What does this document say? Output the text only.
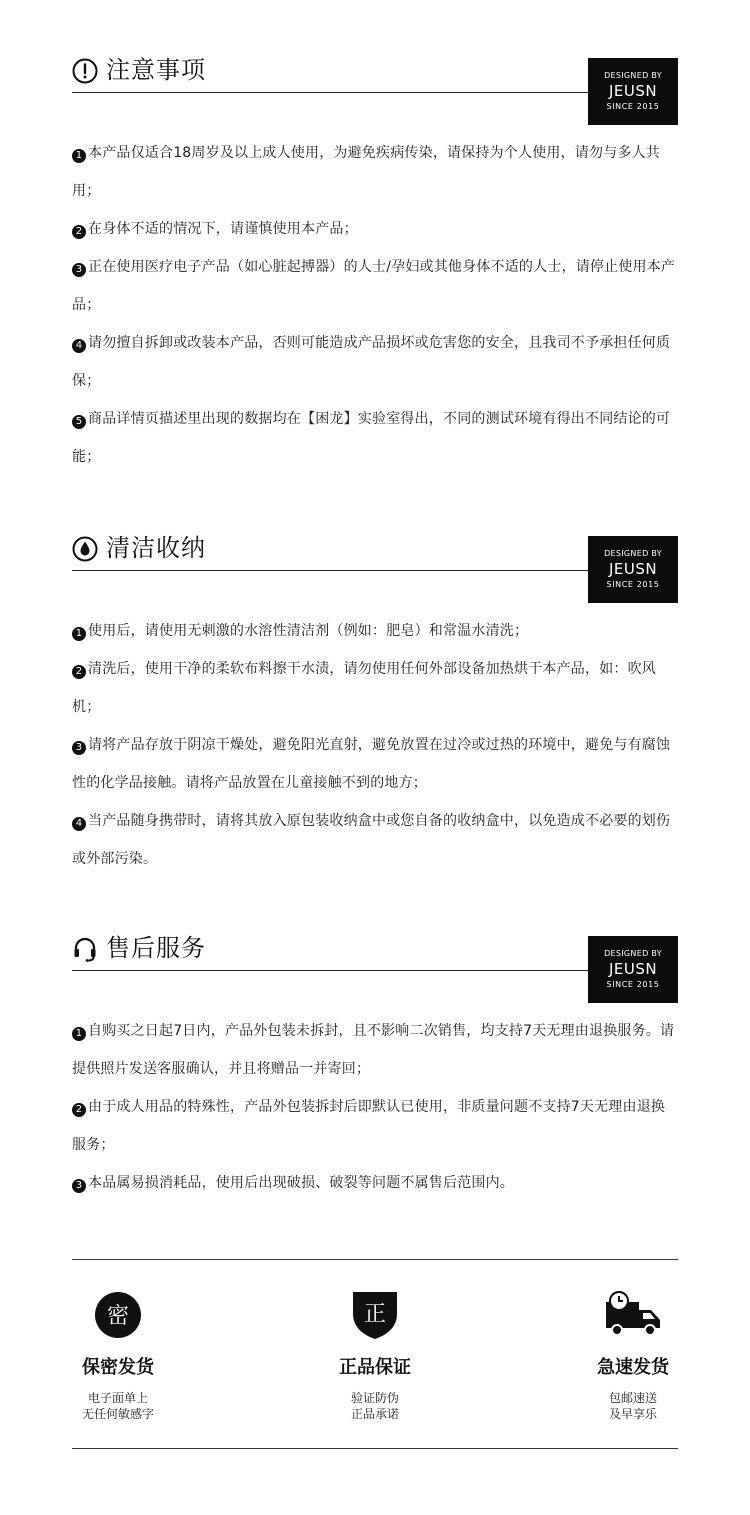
注意事项	DESIGNED BY
JEUSN
SINCE 2015
1 本产品仅适合18周岁及以上成人使用，为避免疾病传染，请保持为个人使用，请勿与多人共用；
2 在身体不适的情况下，请谨慎使用本产品；
3 正在使用医疗电子产品（如心脏起搏器）的人士/孕妇或其他身体不适的人士，请停止使用本产品；
4 请勿擅自拆卸或改装本产品，否则可能造成产品损坏或危害您的安全，且我司不予承担任何质保；
5 商品详情页描述里出现的数据均在【困龙】实验室得出，不同的测试环境有得出不同结论的可能；
清洁收纳	DESIGNED BY
JEUSN
SINCE 2015
1 使用后，请使用无刺激的水溶性清洁剂（例如：肥皂）和常温水清洗；
2 清洗后，使用干净的柔软布料擦干水渍，请勿使用任何外部设备加热烘干本产品，如：吹风机；
3 请将产品存放于阴凉干燥处，避免阳光直射，避免放置在过冷或过热的环境中，避免与有腐蚀性的化学品接触。请将产品放置在儿童接触不到的地方；
4 当产品随身携带时，请将其放入原包装收纳盒中或您自备的收纳盒中，以免造成不必要的划伤或外部污染。
售后服务	DESIGNED BY
JEUSN
SINCE 2015
1 自购买之日起7日内，产品外包装未拆封，且不影响二次销售，均支持7天无理由退换服务。请提供照片发送客服确认，并且将赠品一并寄回；
2 由于成人用品的特殊性，产品外包装拆封后即默认已使用，非质量问题不支持7天无理由退换服务；
3 本品属易损消耗品，使用后出现破损、破裂等问题不属售后范围内。
密
保密发货
电子面单上
无任何敏感字
正
正品保证
验证防伪
正品承诺
急速发货
包邮速送
及早享乐
